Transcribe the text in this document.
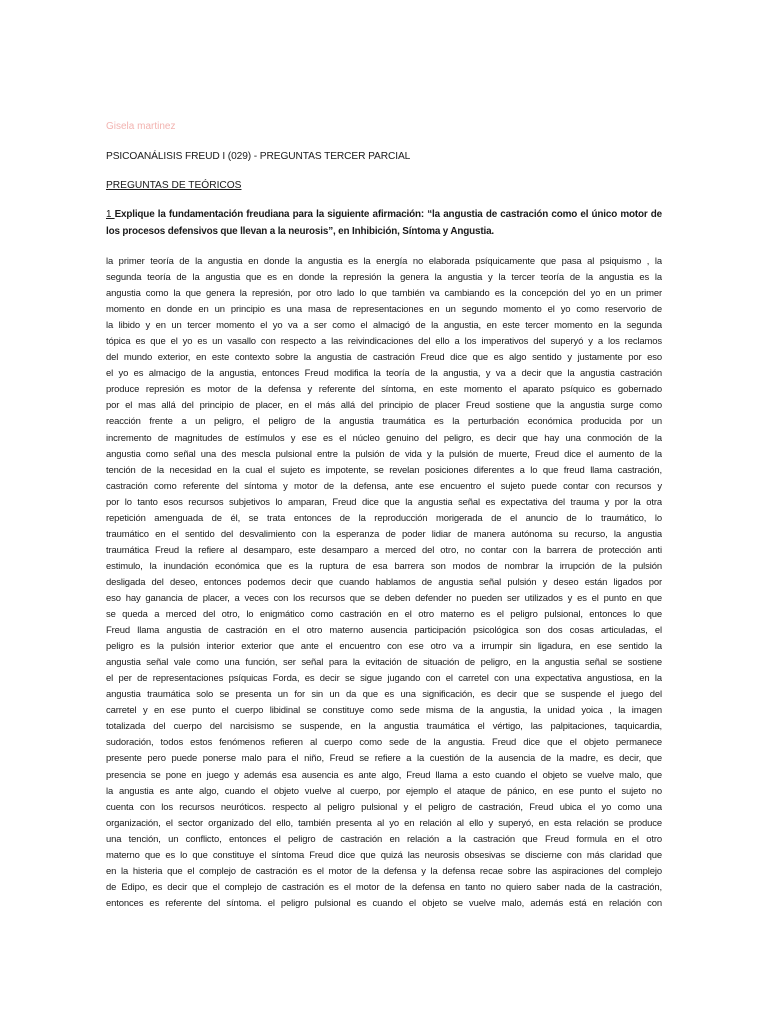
Gisela martinez
PSICOANÁLISIS FREUD I (029) - PREGUNTAS TERCER PARCIAL
PREGUNTAS DE TEÓRICOS
1 Explique la fundamentación freudiana para la siguiente afirmación: “la angustia de castración como el único motor de los procesos defensivos que llevan a la neurosis”, en Inhibición, Síntoma y Angustia.
la primer teoría de la angustia en donde la angustia es la energía no elaborada psíquicamente que pasa al psiquismo , la
segunda teoría de la angustia que es en donde la represión la genera la angustia y la tercer teoría de la angustia es la
angustia como la que genera la represión, por otro lado lo que también va cambiando es la concepción del yo en un primer
momento en donde en un principio es una masa de representaciones en un segundo momento el yo como reservorio de
la libido y en un tercer momento el yo va a ser como el almacigó de la angustia, en este tercer momento en la segunda
tópica es que el yo es un vasallo con respecto a las reivindicaciones del ello a los imperativos del superyó y a los reclamos
del mundo exterior, en este contexto sobre la angustia de castración Freud dice que es algo sentido y justamente por eso
el yo es almacigo de la angustia, entonces Freud modifica la teoría de la angustia, y va a decir que la angustia castración
produce represión es motor de la defensa y referente del síntoma, en este momento el aparato psíquico es gobernado
por el mas allá del principio de placer, en el más allá del principio de placer Freud sostiene que la angustia surge como
reacción frente a un peligro, el peligro de la angustia traumática es la perturbación económica producida por un
incremento de magnitudes de estímulos y ese es el núcleo genuino del peligro, es decir que hay una conmoción de la
angustia como señal una des mescla pulsional entre la pulsión de vida y la pulsión de muerte, Freud dice el aumento de la
tención de la necesidad en la cual el sujeto es impotente, se revelan posiciones diferentes a lo que freud llama castración,
castración como referente del síntoma y motor de la defensa, ante ese encuentro el sujeto puede contar con recursos y
por lo tanto esos recursos subjetivos lo amparan, Freud dice que la angustia señal es expectativa del trauma y por la otra
repetición amenguada de él, se trata entonces de la reproducción morigerada de el anuncio de lo traumático, lo
traumático en el sentido del desvalimiento con la esperanza de poder lidiar de manera autónoma su recurso, la angustia
traumática Freud la refiere al desamparo, este desamparo a merced del otro, no contar con la barrera de protección anti
estimulo, la inundación económica que es la ruptura de esa barrera son modos de nombrar la irrupción de la pulsión
desligada del deseo, entonces podemos decir que cuando hablamos de angustia señal pulsión y deseo están ligados por
eso hay ganancia de placer, a veces con los recursos que se deben defender no pueden ser utilizados y es el punto en que
se queda a merced del otro, lo enigmático como castración en el otro materno es el peligro pulsional, entonces lo que
Freud llama angustia de castración en el otro materno ausencia participación psicológica son dos cosas articuladas, el
peligro es la pulsión interior exterior que ante el encuentro con ese otro va a irrumpir sin ligadura, en ese sentido la
angustia señal vale como una función, ser señal para la evitación de situación de peligro, en la angustia señal se sostiene
el per de representaciones psíquicas Forda, es decir se sigue jugando con el carretel con una expectativa angustiosa, en la
angustia traumática solo se presenta un for sin un da que es una significación, es decir que se suspende el juego del
carretel y en ese punto el cuerpo libidinal se constituye como sede misma de la angustia, la unidad yoica , la imagen
totalizada del cuerpo del narcisismo se suspende, en la angustia traumática el vértigo, las palpitaciones, taquicardia,
sudoración, todos estos fenómenos refieren al cuerpo como sede de la angustia. Freud dice que el objeto permanece
presente pero puede ponerse malo para el niño, Freud se refiere a la cuestión de la ausencia de la madre, es decir, que
presencia se pone en juego y además esa ausencia es ante algo, Freud llama a esto cuando el objeto se vuelve malo, que
la angustia es ante algo, cuando el objeto vuelve al cuerpo, por ejemplo el ataque de pánico, en ese punto el sujeto no
cuenta con los recursos neuróticos. respecto al peligro pulsional y el peligro de castración, Freud ubica el yo como una
organización, el sector organizado del ello, también presenta al yo en relación al ello y superyó, en esta relación se produce
una tención, un conflicto, entonces el peligro de castración en relación a la castración que Freud formula en el otro
materno que es lo que constituye el síntoma Freud dice que quizá las neurosis obsesivas se discierne con más claridad que
en la histeria que el complejo de castración es el motor de la defensa y la defensa recae sobre las aspiraciones del complejo
de Edipo, es decir que el complejo de castración es el motor de la defensa en tanto no quiero saber nada de la castración,
entonces es referente del síntoma. el peligro pulsional es cuando el objeto se vuelve malo, además está en relación con
